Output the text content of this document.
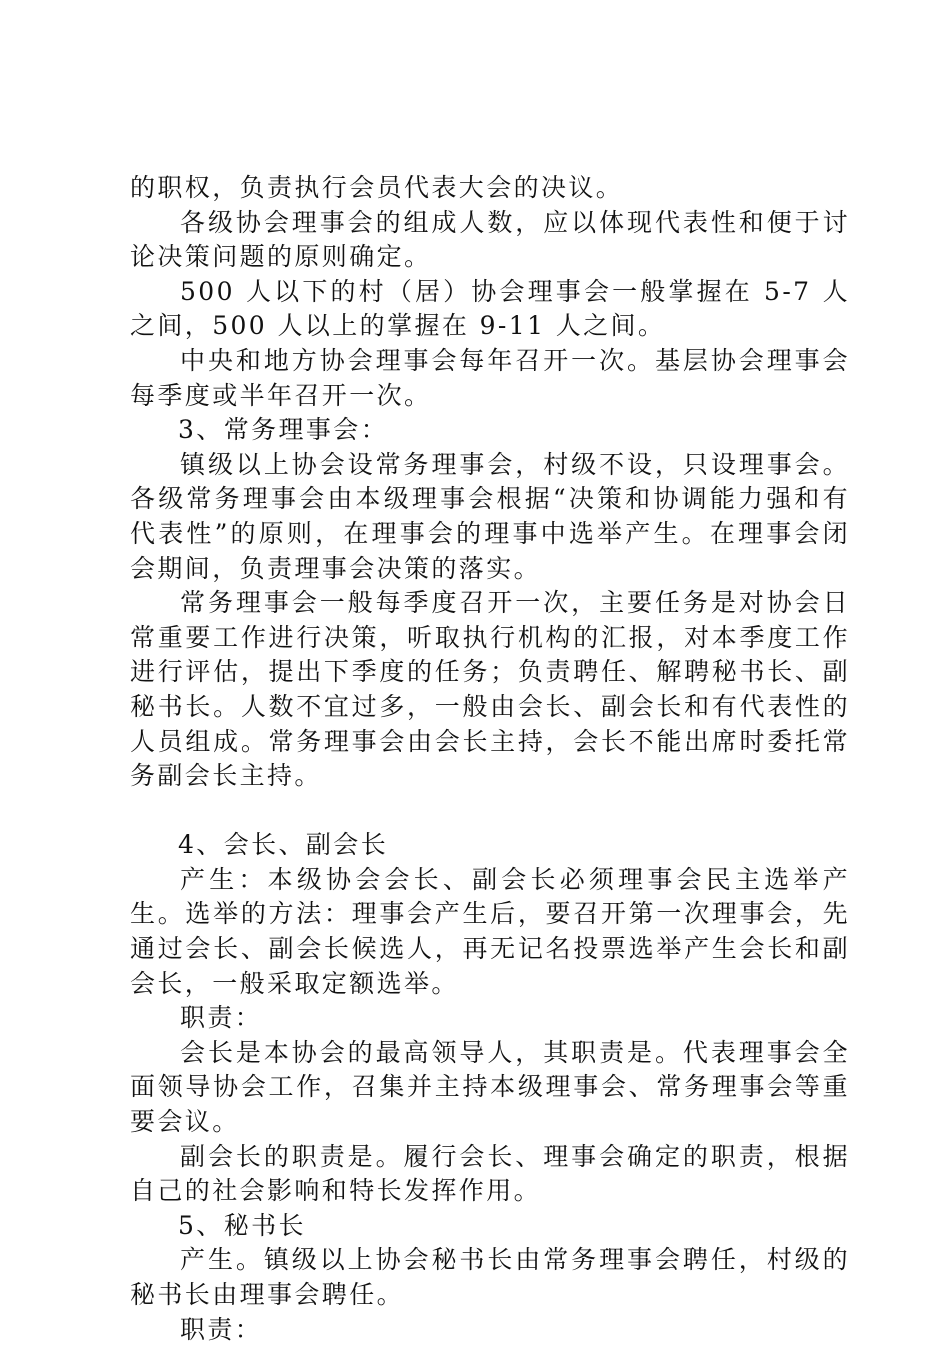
的职权，负责执行会员代表大会的决议。

各级协会理事会的组成人数，应以体现代表性和便于讨论决策问题的原则确定。

500 人以下的村（居）协会理事会一般掌握在 5-7 人之间，500 人以上的掌握在 9-11 人之间。

中央和地方协会理事会每年召开一次。基层协会理事会每季度或半年召开一次。

3、常务理事会：

镇级以上协会设常务理事会，村级不设，只设理事会。各级常务理事会由本级理事会根据“决策和协调能力强和有代表性”的原则，在理事会的理事中选举产生。在理事会闭会期间，负责理事会决策的落实。

常务理事会一般每季度召开一次，主要任务是对协会日常重要工作进行决策，听取执行机构的汇报，对本季度工作进行评估，提出下季度的任务；负责聘任、解聘秘书长、副秘书长。人数不宜过多，一般由会长、副会长和有代表性的人员组成。常务理事会由会长主持，会长不能出席时委托常务副会长主持。

4、会长、副会长

产生：本级协会会长、副会长必须理事会民主选举产生。选举的方法：理事会产生后，要召开第一次理事会，先通过会长、副会长候选人，再无记名投票选举产生会长和副会长，一般采取定额选举。

职责：

会长是本协会的最高领导人，其职责是。代表理事会全面领导协会工作，召集并主持本级理事会、常务理事会等重要会议。

副会长的职责是。履行会长、理事会确定的职责，根据自己的社会影响和特长发挥作用。

5、秘书长

产生。镇级以上协会秘书长由常务理事会聘任，村级的秘书长由理事会聘任。

职责：
